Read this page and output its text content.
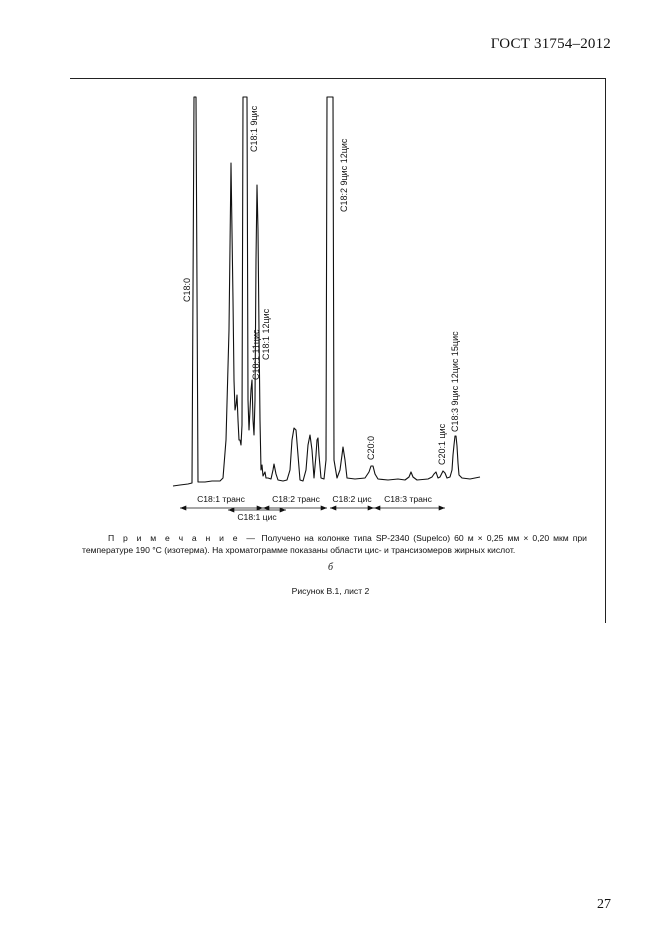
ГОСТ 31754–2012
C18:0
C18:1 9цис
C18:1 11цис C18:1 12цис
C18:2 9цис 12цис
C20:0	C20:1 цис
C18:3 9цис 12цис 15цис
C18:1 транс
C18:1 цис
C18:2 транс C18:2 цис C18:3 транс
П р и м е ч а н и е — Получено на колонке типа SP-2340 (Supelco) 60 м × 0,25 мм × 0,20 мкм при температуре 190 °С (изотерма). На хроматограмме показаны области цис- и трансизомеров жирных кислот.
б
Рисунок В.1, лист 2
27
